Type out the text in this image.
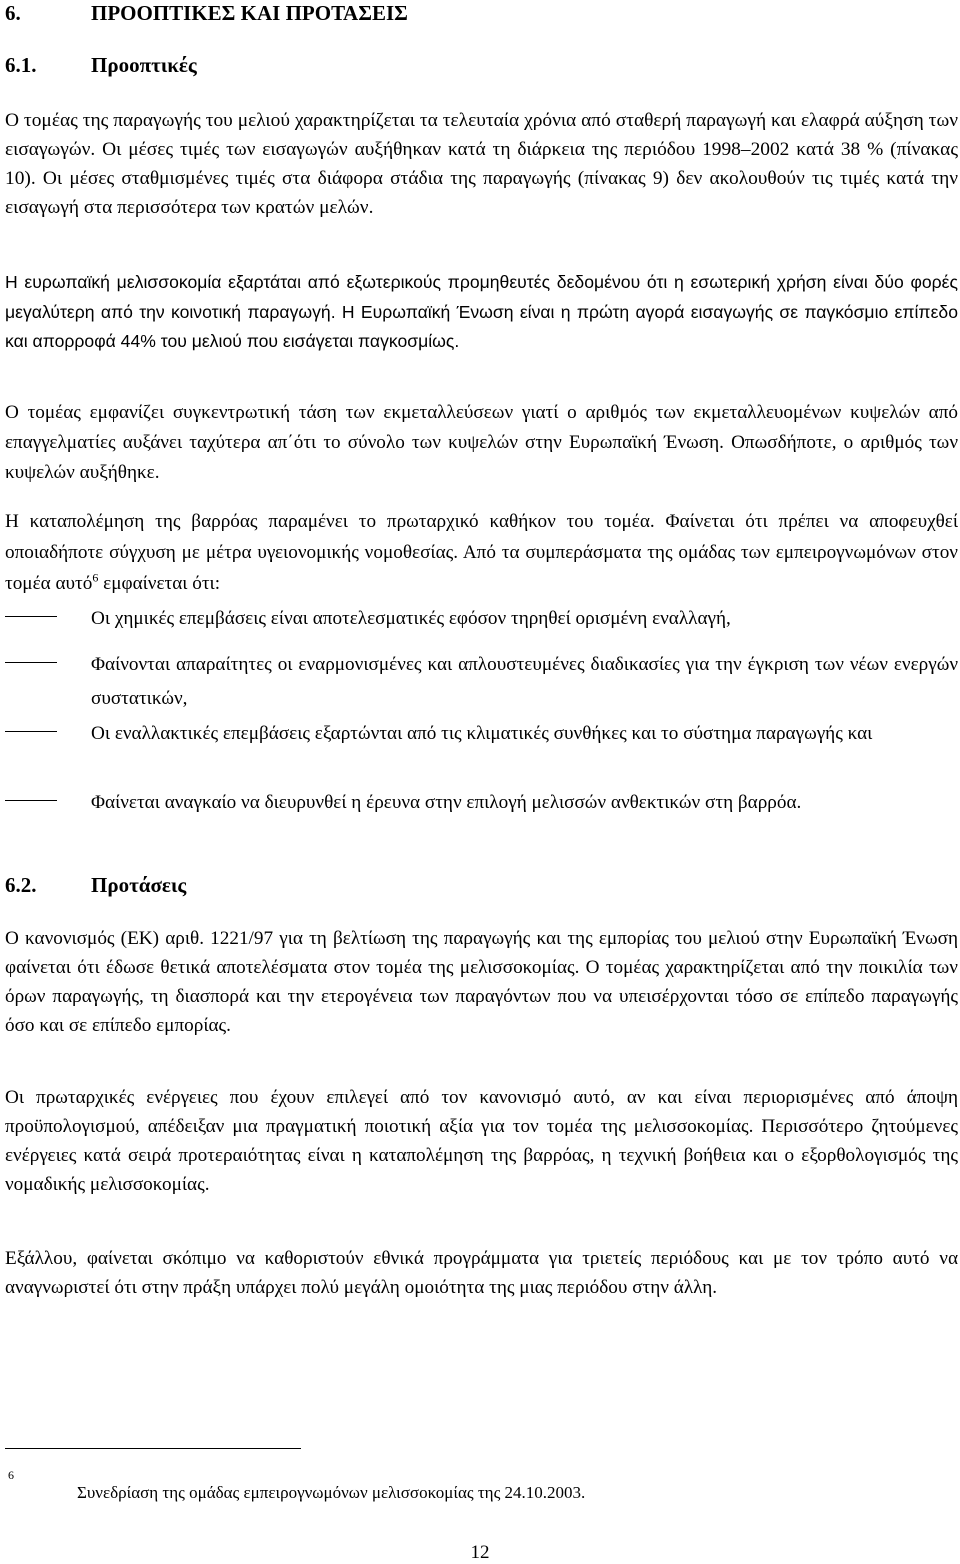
6.	ΠΡΟΟΠΤΙΚΕΣ ΚΑΙ ΠΡΟΤΑΣΕΙΣ
6.1.	Προοπτικές

Ο τομέας της παραγωγής του μελιού χαρακτηρίζεται τα τελευταία χρόνια από σταθερή παραγωγή και ελαφρά αύξηση των εισαγωγών. Οι μέσες τιμές των εισαγωγών αυξήθηκαν κατά τη διάρκεια της περιόδου 1998–2002 κατά 38 % (πίνακας 10). Οι μέσες σταθμισμένες τιμές στα διάφορα στάδια της παραγωγής (πίνακας 9) δεν ακολουθούν τις τιμές κατά την εισαγωγή στα περισσότερα των κρατών μελών.

Η ευρωπαϊκή μελισσοκομία εξαρτάται από εξωτερικούς προμηθευτές δεδομένου ότι η εσωτερική χρήση είναι δύο φορές μεγαλύτερη από την κοινοτική παραγωγή. Η Ευρωπαϊκή Ένωση είναι η πρώτη αγορά εισαγωγής σε παγκόσμιο επίπεδο και απορροφά 44% του μελιού που εισάγεται παγκοσμίως.

Ο τομέας εμφανίζει συγκεντρωτική τάση των εκμεταλλεύσεων γιατί ο αριθμός των εκμεταλλευομένων κυψελών από επαγγελματίες αυξάνει ταχύτερα απ΄ότι το σύνολο των κυψελών στην Ευρωπαϊκή Ένωση. Οπωσδήποτε, ο αριθμός των κυψελών αυξήθηκε.

Η καταπολέμηση της βαρρόας παραμένει το πρωταρχικό καθήκον του τομέα. Φαίνεται ότι πρέπει να αποφευχθεί οποιαδήποτε σύγχυση με μέτρα υγειονομικής νομοθεσίας. Από τα συμπεράσματα της ομάδας των εμπειρογνωμόνων στον τομέα αυτό$^6$ εμφαίνεται ότι:

Οι χημικές επεμβάσεις είναι αποτελεσματικές εφόσον τηρηθεί ορισμένη εναλλαγή,
Φαίνονται απαραίτητες οι εναρμονισμένες και απλουστευμένες διαδικασίες για την έγκριση των νέων ενεργών συστατικών,
Οι εναλλακτικές επεμβάσεις εξαρτώνται από τις κλιματικές συνθήκες και το σύστημα παραγωγής και
Φαίνεται αναγκαίο να διευρυνθεί η έρευνα στην επιλογή μελισσών ανθεκτικών στη βαρρόα.
6.2.	Προτάσεις

Ο κανονισμός (ΕΚ) αριθ. 1221/97 για τη βελτίωση της παραγωγής και της εμπορίας του μελιού στην Ευρωπαϊκή Ένωση φαίνεται ότι έδωσε θετικά αποτελέσματα στον τομέα της μελισσοκομίας. Ο τομέας χαρακτηρίζεται από την ποικιλία των όρων παραγωγής, τη διασπορά και την ετερογένεια των παραγόντων που να υπεισέρχονται τόσο σε επίπεδο παραγωγής όσο και σε επίπεδο εμπορίας.

Οι πρωταρχικές ενέργειες που έχουν επιλεγεί από τον κανονισμό αυτό, αν και είναι περιορισμένες από άποψη προϋπολογισμού, απέδειξαν μια πραγματική ποιοτική αξία για τον τομέα της μελισσοκομίας. Περισσότερο ζητούμενες ενέργειες κατά σειρά προτεραιότητας είναι η καταπολέμηση της βαρρόας, η τεχνική βοήθεια και ο εξορθολογισμός της νομαδικής μελισσοκομίας.

Εξάλλου, φαίνεται σκόπιμο να καθοριστούν εθνικά προγράμματα για τριετείς περιόδους και με τον τρόπο αυτό να αναγνωριστεί ότι στην πράξη υπάρχει πολύ μεγάλη ομοιότητα της μιας περιόδου στην άλλη.

6
Συνεδρίαση της ομάδας εμπειρογνωμόνων μελισσοκομίας της 24.10.2003.
12
